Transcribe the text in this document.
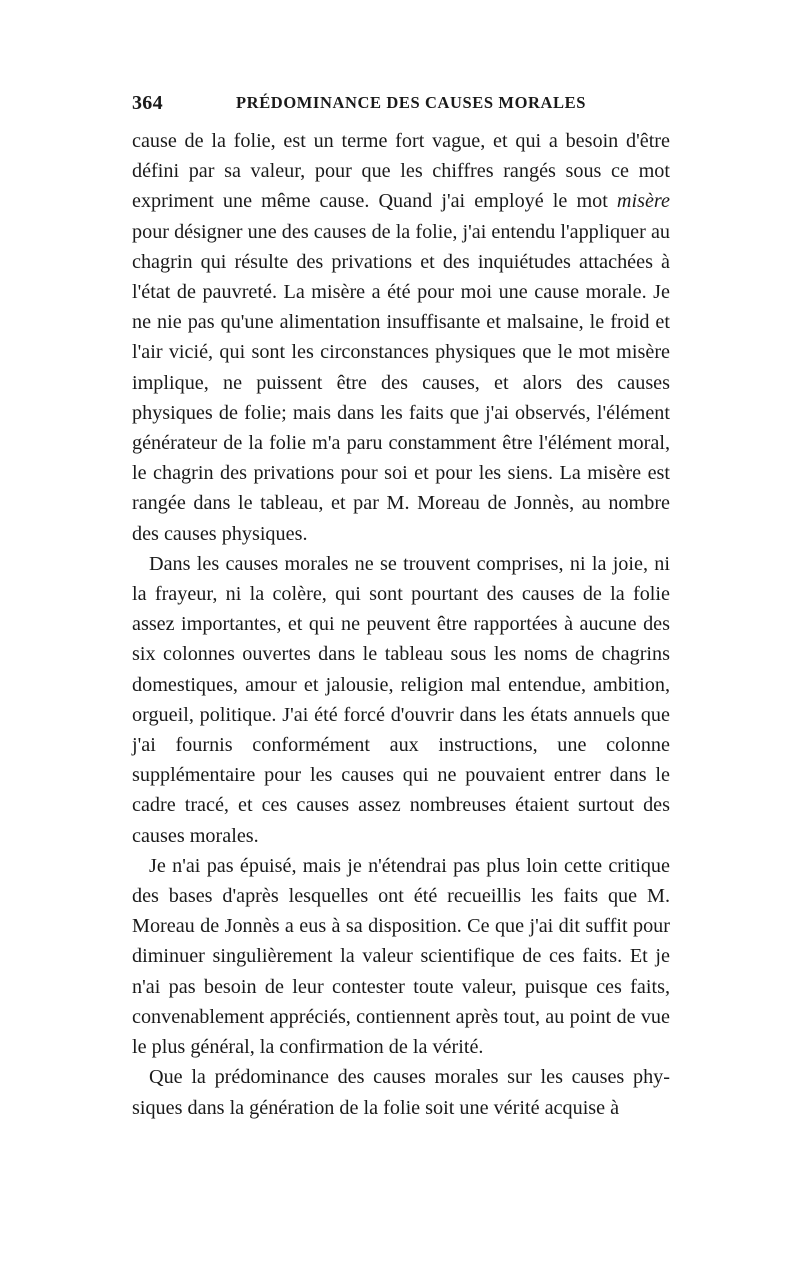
364	PRÉDOMINANCE DES CAUSES MORALES

cause de la folie, est un terme fort vague, et qui a besoin d'être défini par sa valeur, pour que les chiffres rangés sous ce mot expriment une même cause. Quand j'ai employé le mot misère pour désigner une des causes de la folie, j'ai entendu l'appliquer au chagrin qui résulte des privations et des inquiétudes attachées à l'état de pauvreté. La misère a été pour moi une cause morale. Je ne nie pas qu'une alimentation insuffisante et malsaine, le froid et l'air vicié, qui sont les circonstances physiques que le mot misère implique, ne puissent être des causes, et alors des causes physiques de folie; mais dans les faits que j'ai observés, l'élément générateur de la folie m'a paru constamment être l'élément moral, le chagrin des privations pour soi et pour les siens. La misère est rangée dans le tableau, et par M. Moreau de Jonnès, au nombre des causes physiques.

Dans les causes morales ne se trouvent comprises, ni la joie, ni la frayeur, ni la colère, qui sont pourtant des causes de la folie assez importantes, et qui ne peuvent être rapportées à aucune des six colonnes ouvertes dans le tableau sous les noms de chagrins domestiques, amour et jalousie, religion mal entendue, ambition, orgueil, politique. J'ai été forcé d'ouvrir dans les états annuels que j'ai fournis conformément aux instructions, une colonne supplémentaire pour les causes qui ne pouvaient entrer dans le cadre tracé, et ces causes assez nombreuses étaient surtout des causes morales.

Je n'ai pas épuisé, mais je n'étendrai pas plus loin cette critique des bases d'après lesquelles ont été recueillis les faits que M. Moreau de Jonnès a eus à sa disposition. Ce que j'ai dit suffit pour diminuer singulièrement la valeur scientifique de ces faits. Et je n'ai pas besoin de leur contester toute valeur, puisque ces faits, convenablement appréciés, contiennent après tout, au point de vue le plus général, la confirmation de la vérité.

Que la prédominance des causes morales sur les causes physiques dans la génération de la folie soit une vérité acquise à
